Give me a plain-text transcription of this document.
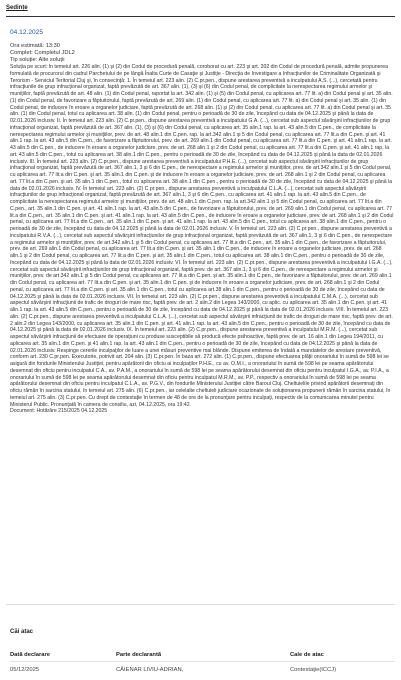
Ședințe
04.12.2025
Ora estimată: 13:30
Complet: Completul JDL2
Tip soluție: Alte soluții
Soluția pe scurt: În temeiul art. 226 alin. (1) şi (2) din Codul de procedură penală, coroborat cu art. 223 şi art. 202 din Codul de procedură penală, admite propunerea formulată de procurorul din cadrul Parchetului de pe lângă Înalta Curte de Casaţie şi Justiţie - Direcţia de Investigare a Infracţiunilor de Criminalitate Organizată şi Terorism - Serviciul Teritorial Cluj şi, în consecinţă: 1. În temeiul art. 223 alin. (2) C.pr.pen., dispune arestarea preventivă a inculpatului A.S. (...), cercetată pentru infracţiunile de grup infracţional organizat, faptă prevăzută de art. 367 alin. (1), (3) şi (6) din Codul penal, de complicitate la nerespectarea regimului armelor şi muniţiilor, faptă prevăzută de art. 48 alin. (1) din Codul penal, raportat la art. 342 alin. (1) şi (5) din Codul penal, cu aplicarea art. 77 lit. a) din Codul penal şi art. 35 alin. (1) din Codul penal, de favorizare a făptuitorului, faptă prevăzută de art. 269 alin. (1) din Codul penal, cu aplicarea art. 77 lit. a) din Codul penal şi art. 35 alin. (1) din Codul penal, de inducere în eroare a organelor judiciare, faptă prevăzută de art. 268 alin. (1) şi (2) din Codul penal, cu aplicarea art. 77 lit. a) din Codul penal şi art. 35 alin. (1) din Codul penal, totul cu aplicarea art. 38 alin. (1) din Codul penal, pentru o perioadă de 30 de zile, începând cu data de 04.12.2025 şi până la data de 02.01.2026 inclusiv. II. În temeiul art. 223 alin. (2) C.pr.pen., dispune arestarea preventivă a inculpatului G.A. (...), cercetat sub aspectul săvârşirii infracţiunilor de grup infracţional organizat, faptă prevăzută de art. 367 alin. (1), (3) şi (6) din Codul penal, cu aplicarea art. 35 alin.1 rap. la art. 43 alin.5 din C.pen., de complicitate la nerespectarea regimului armelor şi muniţiilor, prev. de art. 48 alin.1 din C.pen. rap. la art.342 alin.1 şi 5 din Codul penal, cu aplicarea art. 77 lit.a din C.pen. şi art. 41 alin.1 rap. la art. 43 alin.5 din C.pen., de favorizare a făptuitorului, prev. de art. 269 alin.1 din Codul penal, cu aplicarea art. 77 lit.a din C.pen. şi art. 41 alin.1 rap. la art. 43 alin.5 din C.pen., de inducere în eroare a organelor judiciare, prev. de art. 268 alin.1 şi 2 din Codul penal, cu aplicarea art. 77 lit.a din C.pen. şi art. 41 alin.1 rap. la art. 43 alin.5 din C.pen., totul cu aplicarea art. 38 alin.1 din C.pen., pentru o perioadă de 30 de zile, începând cu data de 04.12.2025 şi până la data de 02.01.2026 inclusiv. III. În temeiul art. 223 alin. (2) C.pr.pen., dispune arestarea preventivă a inculpatului P.H.E. (...), cercetat sub aspectul săvârşirii infracţiunilor de grup infracţional organizat, faptă prevăzută de art. 367 alin.1, 3 şi 6 din C.pen., de nerespectare a regimului armelor şi muniţiilor, prev. de art.342 alin.1 şi 5 din Codul penal, cu aplicarea art. 77 lit.a din C.pen. şi art. 35 alin.1 din C.pen. şi de inducere în eroare a organelor judiciare, prev. de art. 268 alin.1 şi 2 din Codul penal, cu aplicarea art. 77 lit.a din C.pen. şi art. 35 alin.1 din C.pen., totul cu aplicarea art. 38 alin.1 din C.pen., pentru o perioadă de 30 de zile, începând cu data de 04.12.2025 şi până la data de 02.01.2026 inclusiv. IV. În temeiul art. 223 alin. (2) C.pr.pen., dispune arestarea preventivă a inculpatului C.L.A. (...), cercetat sub aspectul săvârşirii infracţiunilor de grup infracţional organizat, faptă prevăzută de art. 367 alin.1, 3 şi 6 din C.pen., cu aplicarea art. 41 alin.1 rap. la art. 43 alin.5 din C.pen., de complicitate la nerespectarea regimului armelor şi muniţiilor, prev. de art. 48 alin.1 din C.pen. rap. la art.342 alin.1 şi 5 din Codul penal, cu aplicarea art. 77 lit.a din C.pen., art. 35 alin.1 din C.pen. şi art. 41 alin.1 rap. la art. 43 alin.5 din C.pen., de favorizare a făptuitorului, prev. de art. 269 alin.1 din Codul penal, cu aplicarea art. 77 lit.a din C.pen., art. 35 alin.1 din C.pen. şi art. 41 alin.1 rap. la art. 43 alin.5 din C.pen., de inducere în eroare a organelor judiciare, prev. de art. 268 alin.1 şi 2 din Codul penal, cu aplicarea art. 77 lit.a din C.pen., art. 35 alin.1 din C.pen. şi art. 41 alin.1 rap. la art. 43 alin.5 din C.pen., totul cu aplicarea art. 38 alin.1 din C.pen., pentru o perioadă de 30 de zile, începând cu data de 04.12.2025 şi până la data de 02.01.2026 inclusiv. V. În temeiul art. 223 alin. (2) C.pr.pen., dispune arestarea preventivă a inculpatului R.V.A. (...), cercetat sub aspectul săvârşirii infracţiunilor de grup infracţional organizat, faptă prevăzută de art. 367 alin.1, 3 şi 6 din C.pen., de nerespectare a regimului armelor şi muniţiilor, prev. de art.342 alin.1 şi 5 din Codul penal, cu aplicarea art. 77 lit.a din C.pen., art. 35 alin.1 din C.pen., de favorizare a făptuitorului, prev. de art. 269 alin.1 din Codul penal, cu aplicarea art. 77 lit.a din C.pen. şi art. 35 alin.1 din C.pen., de inducere în eroare a organelor judiciare, prev. de art. 268 alin.1 şi 2 din Codul penal, cu aplicarea art. 77 lit.a din C.pen. şi art. 35 alin.1 din C.pen., totul cu aplicarea art. 38 alin.1 din C.pen., pentru o perioadă de 30 de zile, începând cu data de 04.12.2025 şi până la data de 02.01.2026 inclusiv. VI. În temeiul art. 223 alin. (2) C.pr.pen., dispune arestarea preventivă a inculpatului I.G.A. (...), cercetat sub aspectul săvârşirii infracţiunilor de grup infracţional organizat, faptă prev. de art. 367 alin.1, 3 şi 6 din C.pen., de nerespectare a regimului armelor şi muniţiilor, prev. de art.342 alin.1 şi 5 din Codul penal, cu aplicarea art. 77 lit.a din C.pen. şi art. 35 alin.1 din C.pen., de favorizare a făptuitorului, prev. de art. 269 alin.1 din Codul penal, cu aplicarea art. 77 lit.a din C.pen. şi art. 35 alin.1 din C.pen. şi de inducere în eroare a organelor judiciare, prev. de art. 268 alin.1 şi 2 din Codul penal, cu aplicarea art. 77 lit.a din C.pen. şi art. 35 alin.1 din C.pen., totul cu aplicarea art.38 alin.1 din C.pen., pentru o perioadă de 30 de zile, începând cu data de 04.12.2025 şi până la data de 02.01.2026 inclusiv. VII. În temeiul art. 223 alin. (2) C.pr.pen., dispune arestarea preventivă a inculpatului C.M.A. (...), cercetat sub aspectul săvârşirii infracţiunii de trafic de droguri de mare risc, faptă prev. de art. 2 alin.2 din Legea 143/2000, cu aplic. cu aplicarea art. 35 alin.1 din C.pen. şi art. 41 alin.1 rap. la art. 43 alin.5 din C.pen., pentru o perioadă de 30 de zile, începând cu data de 04.12.2025 şi până la data de 02.01.2026 inclusiv. VIII. În temeiul art. 223 alin. (2) C.pr.pen., dispune arestarea preventivă a inculpatului C.L.A. (...), cercetat sub aspectul săvârşirii infracţiunii de trafic de droguri de mare risc, faptă prev. de art. 2 alin.2 din Legea 143/2000, cu aplicarea art. 35 alin.1 din C.pen. şi art. 41 alin.1 rap. la art. 43 alin.5 din C.pen., pentru o perioadă de 30 de zile, începând cu data de 04.12.2025 şi până la data de 02.01.2026 inclusiv. IX. În temeiul art. 223 alin. (2) C.pr.pen., dispune arestarea preventivă a inculpatului M.R.M. (...), cercetat sub aspectul săvârşirii infracţiunii de efectuare de operaţiuni cu produse susceptibile să producă efecte psihoactive, faptă prev. de art. 16 alin.1 din Legea 194/2011, cu aplicarea art. 35 alin.1 din C.pen. şi 41 alin.1 rap. la art. 43 alin.1 din C.pen., pentru o perioadă de 30 de zile, începând cu data de 04.12.2025 şi până la data de 02.01.2026 inclusiv. Respinge cererile inculpaţilor de luare a unei măsuri preventive mai blânde. Dispune emiterea de îndată a mandatelor de arestare preventivă, conform art. 230 C.pr.pen. Executorie, potrivit art. 204 alin. (3) C.pr.pen. În baza art. 272 alin. (1) C.pr.pen., dispune efectuarea plăţii onorariului în sumă de 598 lei se asigură din fondurile Ministerului Justiţiei, pentru apărătorii din oficiu ai inculpaţilor P.H.E., cu av. O.M.I., a onorariului în sumă de 598 lei pe seama apărătorului desemnat din oficiu pentru inculpatul C.A., av. P.A.M., a onorariului în sumă de 598 lei pe seama apărătorului desemnat din oficiu pentru inculpatul I.G.A., av. P.I.A., a onorariului în sumă de 598 lei pe seama apărătorului desemnat din oficiu pentru inculpatul M.R.M., av. P.P., respectiv a onorariului în sumă de 598 lei pe seama apărătorului desemnat din oficiu pentru inculpatul C.L.A., av. P.G.V., din fondurile Ministerului Justiţiei către Baroul Cluj. Cheltuielile privind apărătorii desemnaţi din oficiu rămân în sarcina statului, în temeiul art. 275 alin. (6) C.pr.pen., iar celelalte cheltuieli judiciare ocazionate de soluţionarea propunerii rămân în sarcina statului, în temeiul art. 275 alin. (3) C.pr.pen. Cu drept de contestaţie în termen de 48 de ore de la pronunţare pentru inculpaţi, respectiv de la comunicarea minutei pentru Ministerul Public. Pronunţată în camera de consiliu, azi, 04.12.2025, ora 19:42.
Document: Hotărâre 215/2025 04.12.2025
Căi atac
Dată declarare	Parte declarantă	Cale de atac
05/12/2025	CĂIENAR LIVIU-ADRIAN,	Contestaţie(ICCJ)
